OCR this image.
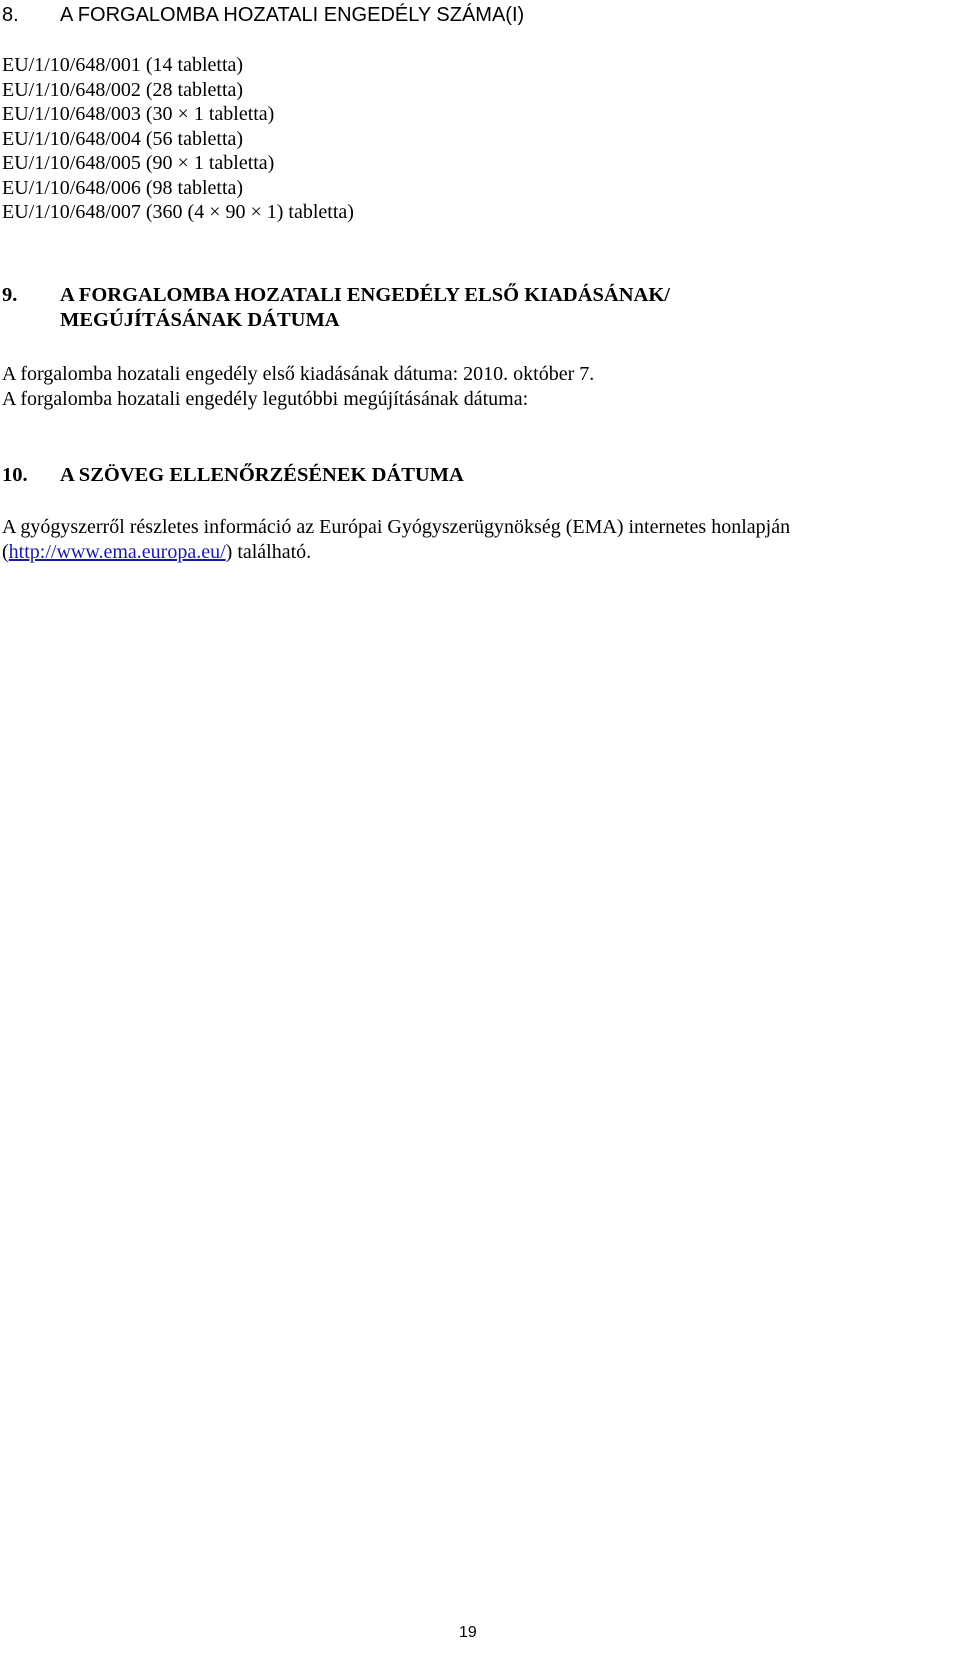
8. A FORGALOMBA HOZATALI ENGEDÉLY SZÁMA(I)
EU/1/10/648/001 (14 tabletta)
EU/1/10/648/002 (28 tabletta)
EU/1/10/648/003 (30 × 1 tabletta)
EU/1/10/648/004 (56 tabletta)
EU/1/10/648/005 (90 × 1 tabletta)
EU/1/10/648/006 (98 tabletta)
EU/1/10/648/007 (360 (4 × 90 × 1) tabletta)
9. A FORGALOMBA HOZATALI ENGEDÉLY ELSŐ KIADÁSÁNAK/
MEGÚJÍTÁSÁNAK DÁTUMA

A forgalomba hozatali engedély első kiadásának dátuma: 2010. október 7.

A forgalomba hozatali engedély legutóbbi megújításának dátuma:

10. A SZÖVEG ELLENŐRZÉSÉNEK DÁTUMA

A gyógyszerről részletes információ az Európai Gyógyszerügynökség (EMA) internetes honlapján

(http://www.ema.europa.eu/) található.

19
